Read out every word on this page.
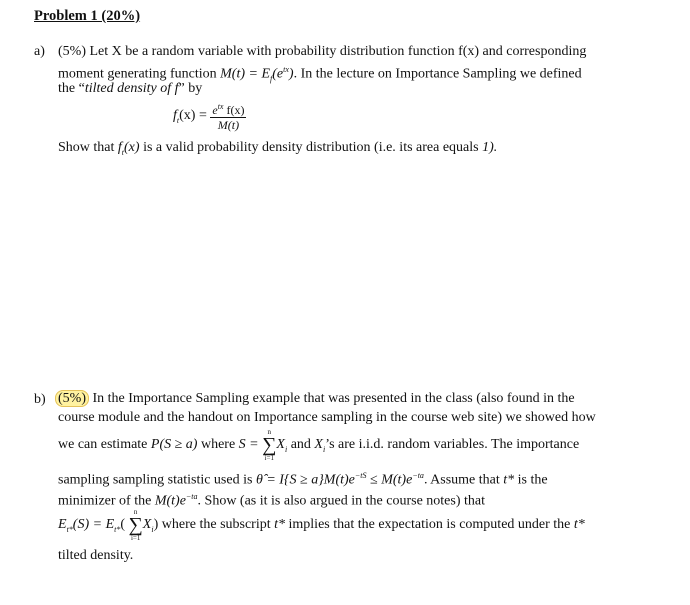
Problem 1 (20%)
a) (5%) Let X be a random variable with probability distribution function f(x) and corresponding
moment generating function $M(t) = E_f(e^{tx})$. In the lecture on Importance Sampling we defined
the “tilted density of f” by
$f_t(x) = \frac{e^{tx} f(x)}{M(t)}$
Show that $f_t(x)$ is a valid probability density distribution (i.e. its area equals 1).
b) (5%) In the Importance Sampling example that was presented in the class (also found in the
course module and the handout on Importance sampling in the course web site) we showed how
we can estimate P(S ≥ a) where S =
n
∑
i=1
$X_i$ and $X_i’s$ are i.i.d. random variables. The importance
sampling sampling statistic used is θ̂ = $I\{S \ge a\}M(t)e^{-tS} \le M(t)e^{-ta}$. Assume that t* is the
minimizer of the $M(t)e^{-ta}$. Show (as it is also argued in the course notes) that
$E_{t*}(S) = E_{t*}$(
n
∑
i=1
$X_i$) where the subscript t* implies that the expectation is computed under the t*
tilted density.
